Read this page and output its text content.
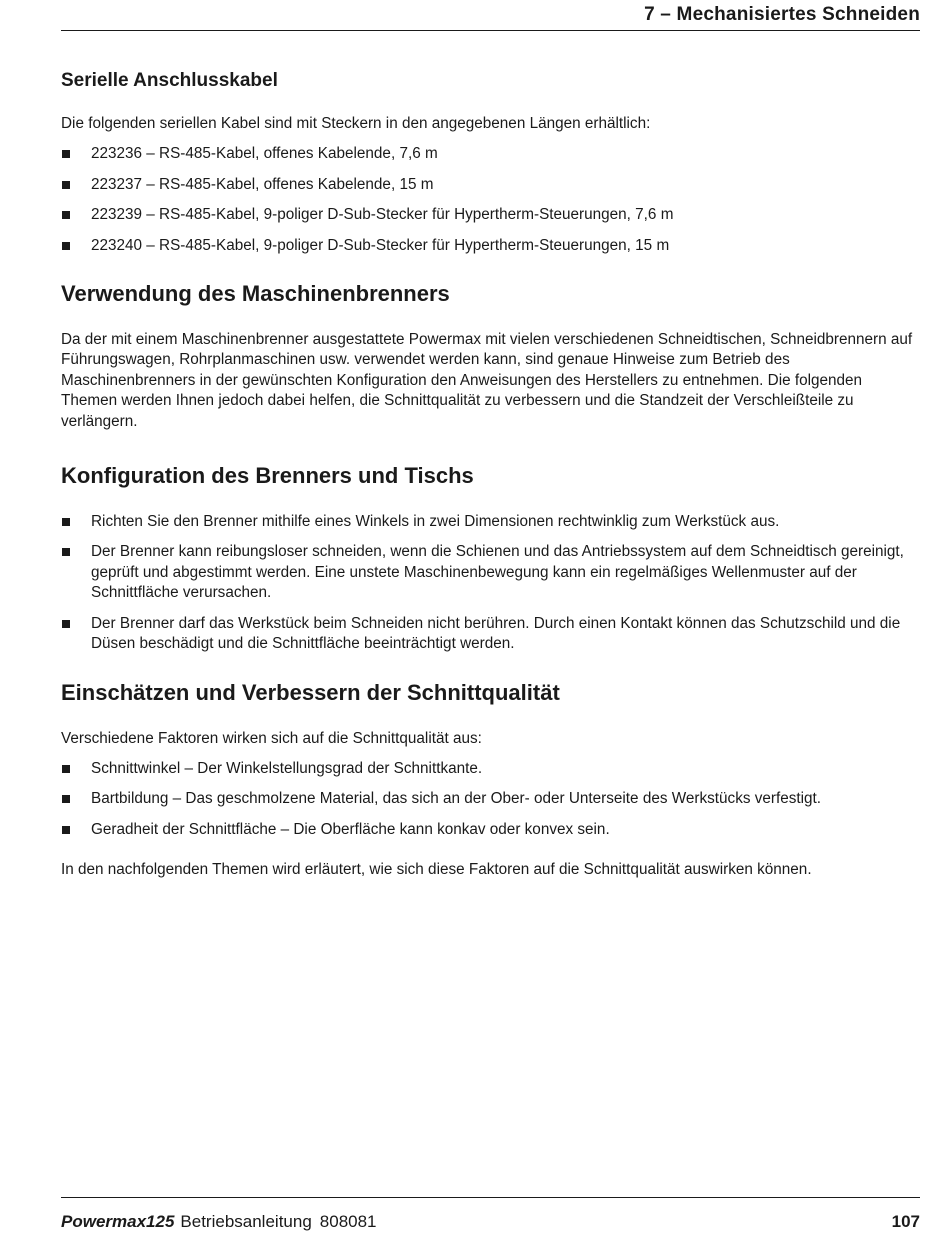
7 – Mechanisiertes Schneiden
Serielle Anschlusskabel

Die folgenden seriellen Kabel sind mit Steckern in den angegebenen Längen erhältlich:

223236 – RS-485-Kabel, offenes Kabelende, 7,6 m
223237 – RS-485-Kabel, offenes Kabelende, 15 m
223239 – RS-485-Kabel, 9-poliger D-Sub-Stecker für Hypertherm-Steuerungen, 7,6 m
223240 – RS-485-Kabel, 9-poliger D-Sub-Stecker für Hypertherm-Steuerungen, 15 m
Verwendung des Maschinenbrenners

Da der mit einem Maschinenbrenner ausgestattete Powermax mit vielen verschiedenen Schneidtischen, Schneidbrennern auf Führungswagen, Rohrplanmaschinen usw. verwendet werden kann, sind genaue Hinweise zum Betrieb des Maschinenbrenners in der gewünschten Konfiguration den Anweisungen des Herstellers zu entnehmen. Die folgenden Themen werden Ihnen jedoch dabei helfen, die Schnittqualität zu verbessern und die Standzeit der Verschleißteile zu verlängern.

Konfiguration des Brenners und Tischs
Richten Sie den Brenner mithilfe eines Winkels in zwei Dimensionen rechtwinklig zum Werkstück aus.
Der Brenner kann reibungsloser schneiden, wenn die Schienen und das Antriebssystem auf dem Schneidtisch gereinigt, geprüft und abgestimmt werden. Eine unstete Maschinenbewegung kann ein regelmäßiges Wellenmuster auf der Schnittfläche verursachen.
Der Brenner darf das Werkstück beim Schneiden nicht berühren. Durch einen Kontakt können das Schutzschild und die Düsen beschädigt und die Schnittfläche beeinträchtigt werden.
Einschätzen und Verbessern der Schnittqualität

Verschiedene Faktoren wirken sich auf die Schnittqualität aus:

Schnittwinkel – Der Winkelstellungsgrad der Schnittkante.
Bartbildung – Das geschmolzene Material, das sich an der Ober- oder Unterseite des Werkstücks verfestigt.
Geradheit der Schnittfläche – Die Oberfläche kann konkav oder konvex sein.

In den nachfolgenden Themen wird erläutert, wie sich diese Faktoren auf die Schnittqualität auswirken können.

Powermax125 Betriebsanleitung 808081	107
